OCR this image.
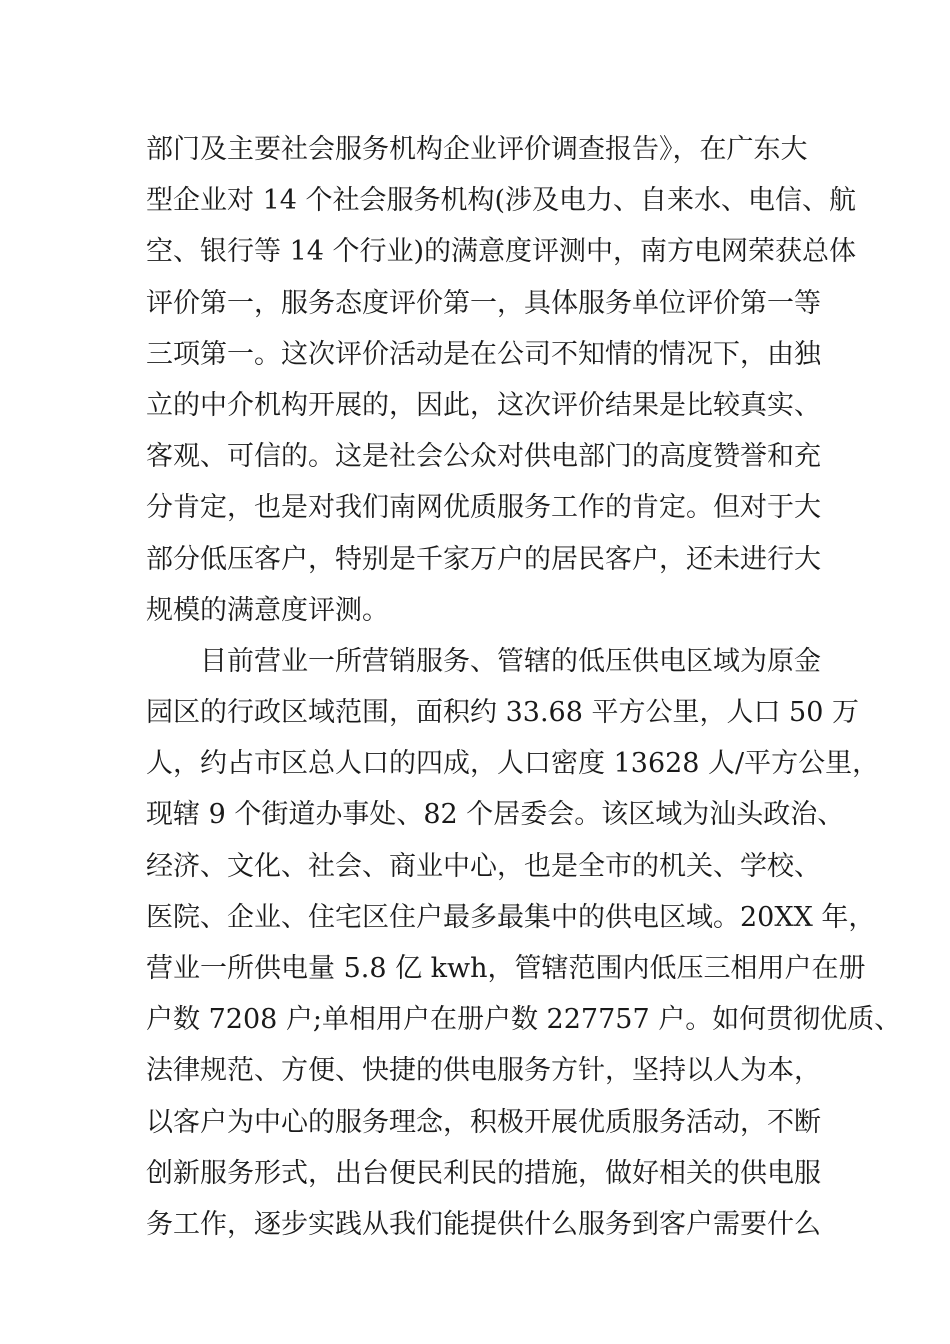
部门及主要社会服务机构企业评价调查报告》，在广东大
型企业对 14 个社会服务机构(涉及电力、自来水、电信、航
空、银行等 14 个行业)的满意度评测中，南方电网荣获总体
评价第一，服务态度评价第一，具体服务单位评价第一等
三项第一。这次评价活动是在公司不知情的情况下，由独
立的中介机构开展的，因此，这次评价结果是比较真实、
客观、可信的。这是社会公众对供电部门的高度赞誉和充
分肯定，也是对我们南网优质服务工作的肯定。但对于大
部分低压客户，特别是千家万户的居民客户，还未进行大
规模的满意度评测。
目前营业一所营销服务、管辖的低压供电区域为原金
园区的行政区域范围，面积约 33.68 平方公里，人口 50 万
人，约占市区总人口的四成，人口密度 13628 人/平方公里，
现辖 9 个街道办事处、82 个居委会。该区域为汕头政治、
经济、文化、社会、商业中心，也是全市的机关、学校、
医院、企业、住宅区住户最多最集中的供电区域。20XX 年，
营业一所供电量 5.8 亿 kwh，管辖范围内低压三相用户在册
户数 7208 户;单相用户在册户数 227757 户。如何贯彻优质、
法律规范、方便、快捷的供电服务方针，坚持以人为本，
以客户为中心的服务理念，积极开展优质服务活动，不断
创新服务形式，出台便民利民的措施，做好相关的供电服
务工作，逐步实践从我们能提供什么服务到客户需要什么
